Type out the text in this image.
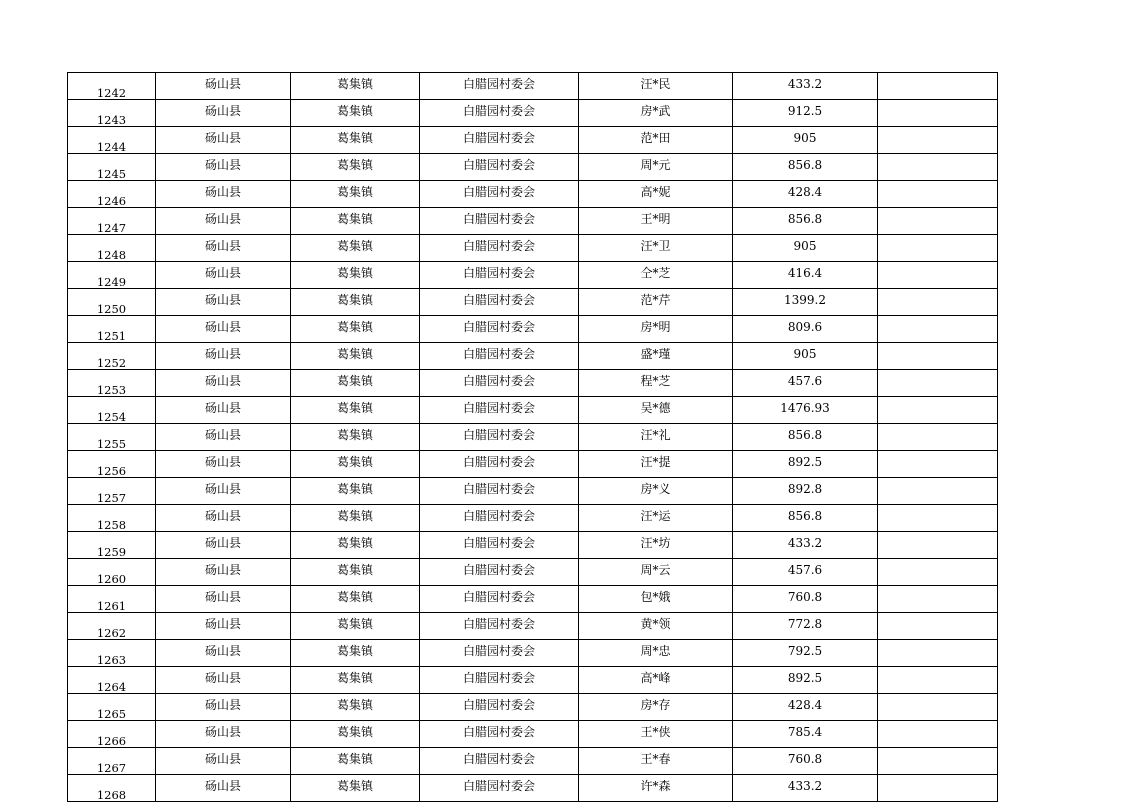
1242	砀山县	葛集镇	白腊园村委会	汪*民	433.2	
1243	砀山县	葛集镇	白腊园村委会	房*武	912.5	
1244	砀山县	葛集镇	白腊园村委会	范*田	905	
1245	砀山县	葛集镇	白腊园村委会	周*元	856.8	
1246	砀山县	葛集镇	白腊园村委会	高*妮	428.4	
1247	砀山县	葛集镇	白腊园村委会	王*明	856.8	
1248	砀山县	葛集镇	白腊园村委会	汪*卫	905	
1249	砀山县	葛集镇	白腊园村委会	仝*芝	416.4	
1250	砀山县	葛集镇	白腊园村委会	范*芹	1399.2	
1251	砀山县	葛集镇	白腊园村委会	房*明	809.6	
1252	砀山县	葛集镇	白腊园村委会	盛*瑾	905	
1253	砀山县	葛集镇	白腊园村委会	程*芝	457.6	
1254	砀山县	葛集镇	白腊园村委会	吴*德	1476.93	
1255	砀山县	葛集镇	白腊园村委会	汪*礼	856.8	
1256	砀山县	葛集镇	白腊园村委会	汪*提	892.5	
1257	砀山县	葛集镇	白腊园村委会	房*义	892.8	
1258	砀山县	葛集镇	白腊园村委会	汪*运	856.8	
1259	砀山县	葛集镇	白腊园村委会	汪*坊	433.2	
1260	砀山县	葛集镇	白腊园村委会	周*云	457.6	
1261	砀山县	葛集镇	白腊园村委会	包*娥	760.8	
1262	砀山县	葛集镇	白腊园村委会	黄*领	772.8	
1263	砀山县	葛集镇	白腊园村委会	周*忠	792.5	
1264	砀山县	葛集镇	白腊园村委会	高*峰	892.5	
1265	砀山县	葛集镇	白腊园村委会	房*存	428.4	
1266	砀山县	葛集镇	白腊园村委会	王*侠	785.4	
1267	砀山县	葛集镇	白腊园村委会	王*春	760.8	
1268	砀山县	葛集镇	白腊园村委会	许*森	433.2	
